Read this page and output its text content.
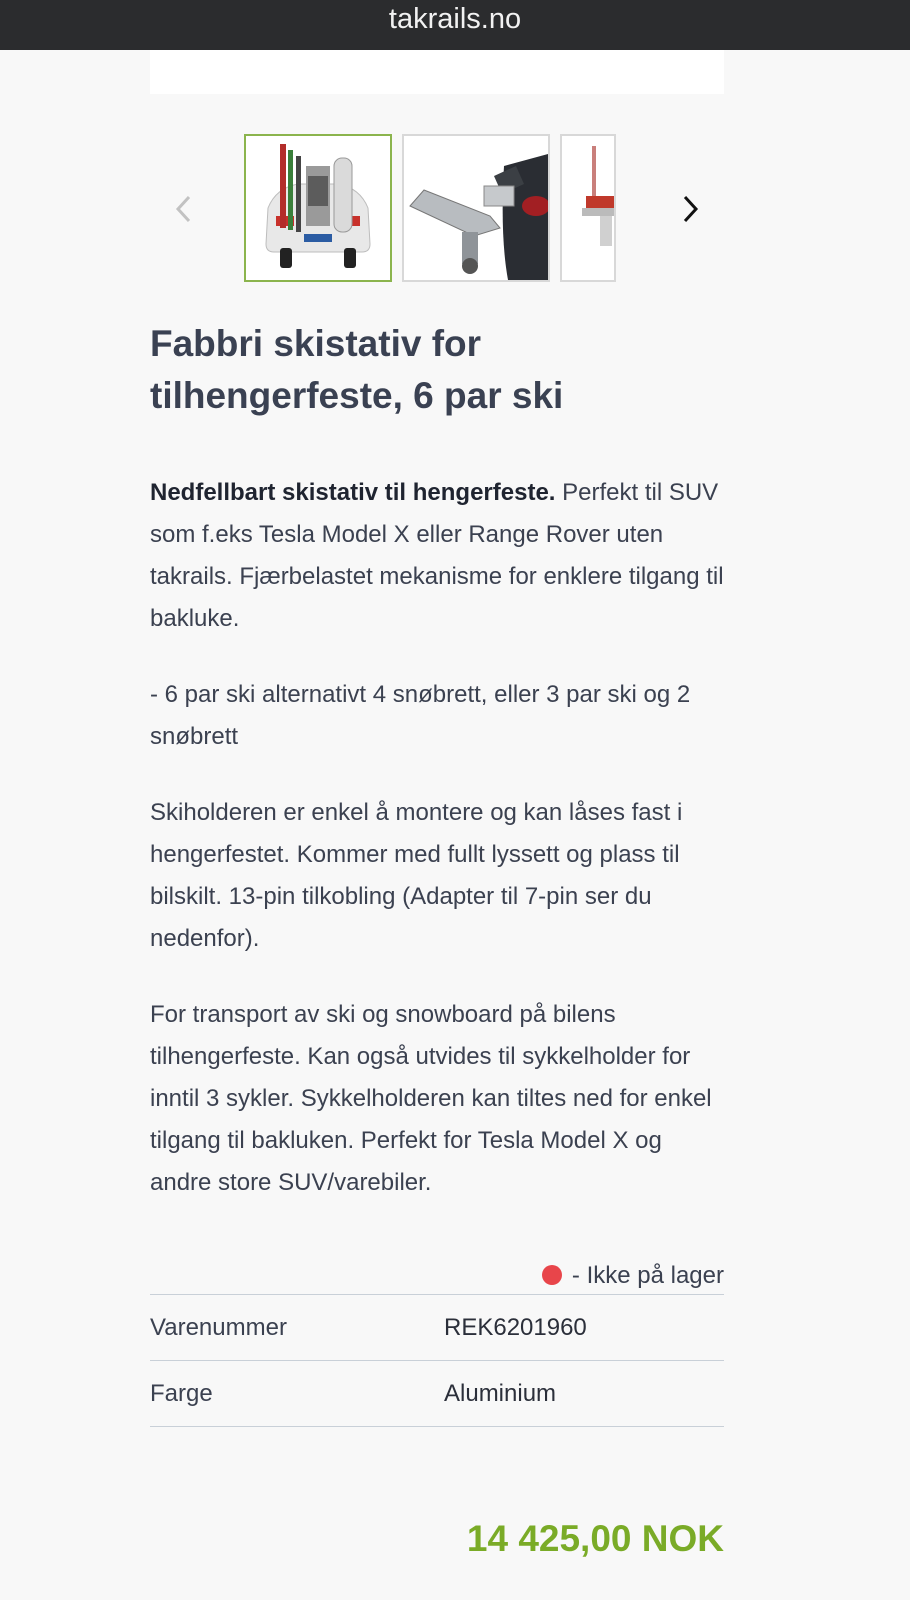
takrails.no
Fabbri skistativ for tilhengerfeste, 6 par ski

Nedfellbart skistativ til hengerfeste. Perfekt til SUV som f.eks Tesla Model X eller Range Rover uten takrails. Fjærbelastet mekanisme for enklere tilgang til bakluke.

- 6 par ski alternativt 4 snøbrett, eller 3 par ski og 2 snøbrett

Skiholderen er enkel å montere og kan låses fast i hengerfestet. Kommer med fullt lyssett og plass til bilskilt. 13-pin tilkobling (Adapter til 7-pin ser du nedenfor).

For transport av ski og snowboard på bilens tilhengerfeste. Kan også utvides til sykkelholder for inntil 3 sykler. Sykkelholderen kan tiltes ned for enkel tilgang til bakluken. Perfekt for Tesla Model X og andre store SUV/varebiler.

- Ikke på lager
Varenummer	REK6201960
Farge	Aluminium
14 425,00 NOK
